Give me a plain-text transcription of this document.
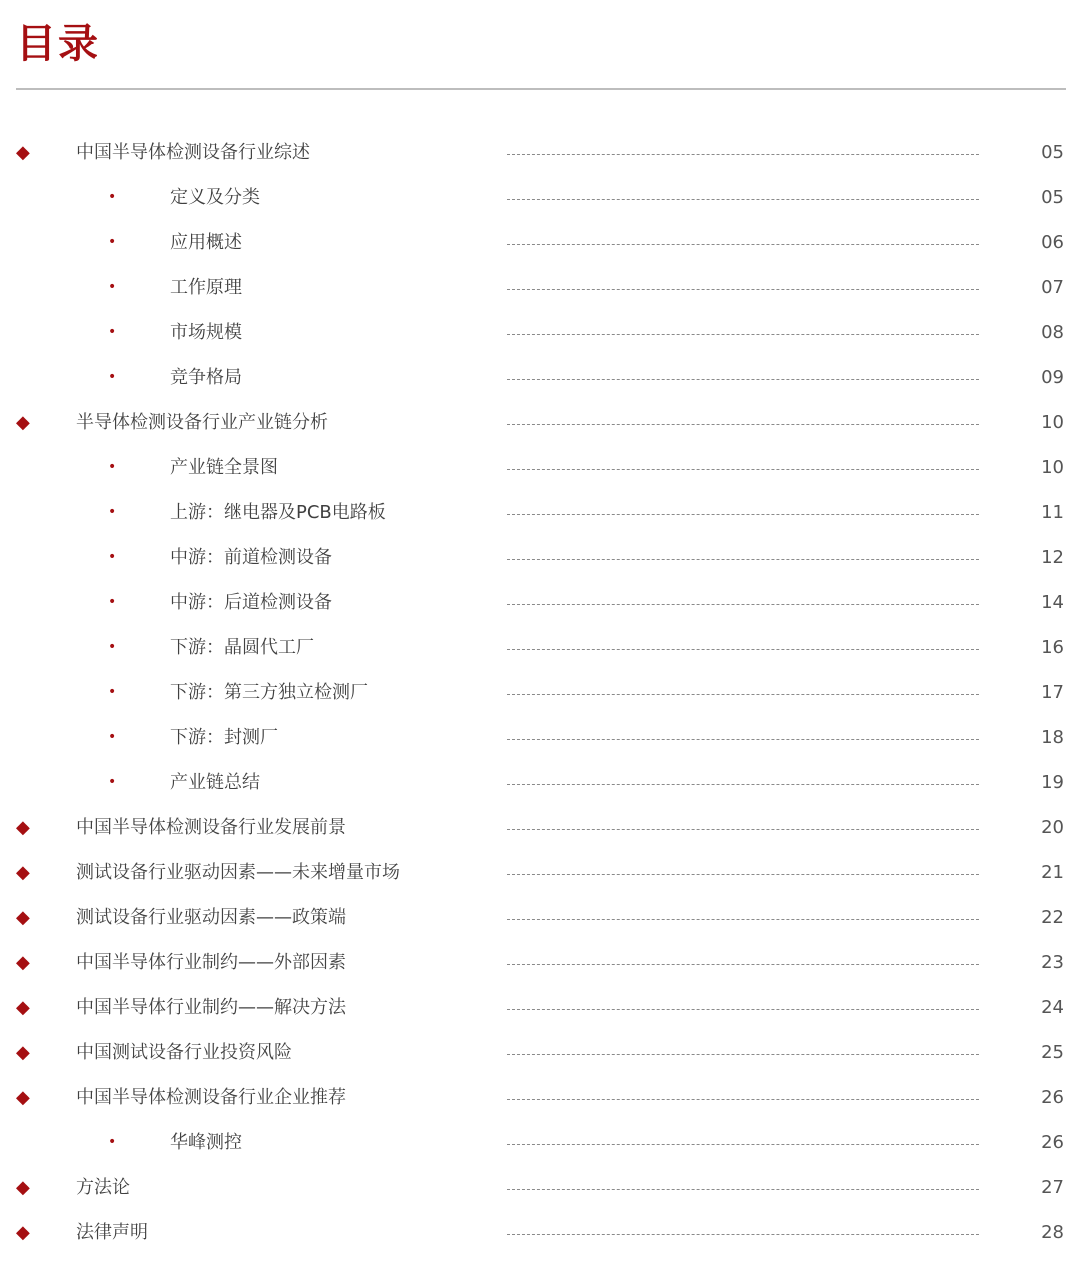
目录
◆	中国半导体检测设备行业综述	05
•	定义及分类	05
•	应用概述	06
•	工作原理	07
•	市场规模	08
•	竞争格局	09
◆	半导体检测设备行业产业链分析	10
•	产业链全景图	10
•	上游：继电器及PCB电路板	11
•	中游：前道检测设备	12
•	中游：后道检测设备	14
•	下游：晶圆代工厂	16
•	下游：第三方独立检测厂	17
•	下游：封测厂	18
•	产业链总结	19
◆	中国半导体检测设备行业发展前景	20
◆	测试设备行业驱动因素——未来增量市场	21
◆	测试设备行业驱动因素——政策端	22
◆	中国半导体行业制约——外部因素	23
◆	中国半导体行业制约——解决方法	24
◆	中国测试设备行业投资风险	25
◆	中国半导体检测设备行业企业推荐	26
•	华峰测控	26
◆	方法论	27
◆	法律声明	28
